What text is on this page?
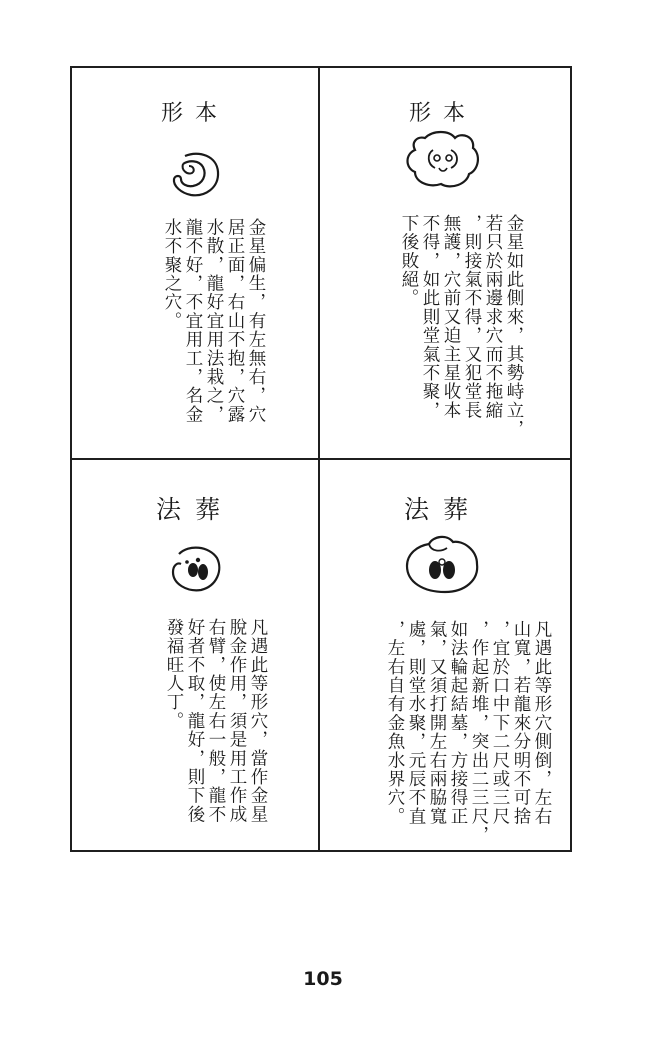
形本
金星偏生，有左無右，穴
居正面，右山不抱，穴露
水散，龍好宜用法栽之，
龍不好，不宜用工，名金
水不聚之穴。
形本
金星如此側來，其勢峙立，
若只於兩邊求穴而不拖縮
，則接氣不得，又犯堂長
無護，穴前又迫主星收本
不得，如此則堂氣不聚，
下後敗絕。
法葬
凡遇此等形穴，當作金星
脫金作用，須是用工作成
右臂，使左右一般，龍不
好者不取，龍好，則下後
發福旺人丁。
法葬
凡遇此等形穴側倒，左右
山寬，若龍來分明不可捨
，宜於口中下二尺或三尺
，作起新堆，突出二三尺，
如法輪起結墓，方接得正
氣，又須打開左右兩脇寬
處，則堂水聚，元辰不直
，左右自有金魚水界穴。
105
